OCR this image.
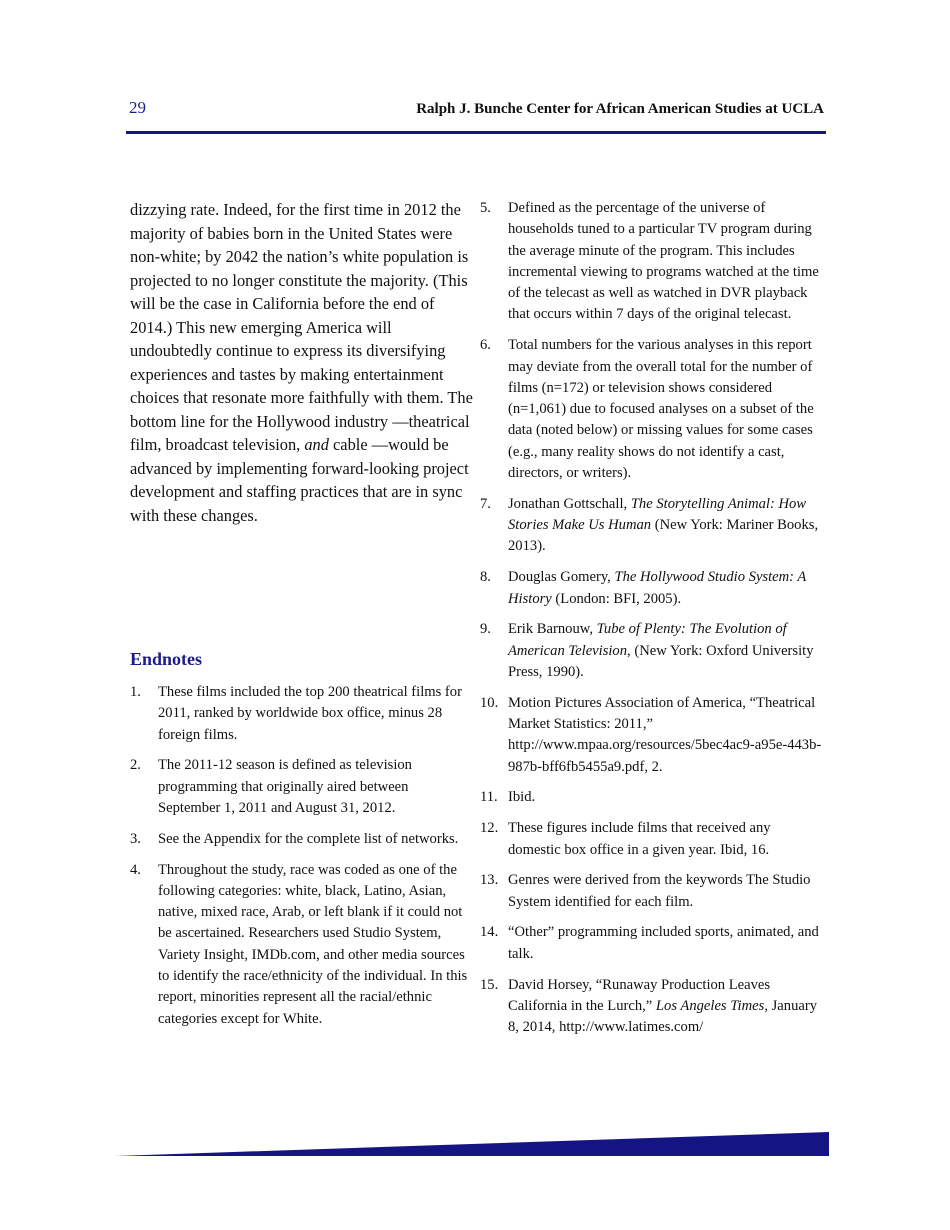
29	Ralph J. Bunche Center for African American Studies at UCLA

dizzying rate. Indeed, for the first time in 2012 the majority of babies born in the United States were non-white; by 2042 the nation’s white population is projected to no longer constitute the majority. (This will be the case in California before the end of 2014.) This new emerging America will undoubtedly continue to express its diversifying experiences and tastes by making entertainment choices that resonate more faithfully with them. The bottom line for the Hollywood industry —theatrical film, broadcast television, and cable —would be advanced by implementing forward-looking project development and staffing practices that are in sync with these changes.

Endnotes
1.	These films included the top 200 theatrical films for 2011, ranked by worldwide box office, minus 28 foreign films.
2.	The 2011-12 season is defined as television programming that originally aired between September 1, 2011 and August 31, 2012.
3.	See the Appendix for the complete list of networks.
4.	Throughout the study, race was coded as one of the following categories: white, black, Latino, Asian, native, mixed race, Arab, or left blank if it could not be ascertained. Researchers used Studio System, Variety Insight, IMDb.com, and other media sources to identify the race/ethnicity of the individual. In this report, minorities represent all the racial/ethnic categories except for White.
5.	Defined as the percentage of the universe of households tuned to a particular TV program during the average minute of the program. This includes incremental viewing to programs watched at the time of the telecast as well as watched in DVR playback that occurs within 7 days of the original telecast.
6.	Total numbers for the various analyses in this report may deviate from the overall total for the number of films (n=172) or television shows considered (n=1,061) due to focused analyses on a subset of the data (noted below) or missing values for some cases (e.g., many reality shows do not identify a cast, directors, or writers).
7.	Jonathan Gottschall, The Storytelling Animal: How Stories Make Us Human (New York: Mariner Books, 2013).
8.	Douglas Gomery, The Hollywood Studio System: A History (London: BFI, 2005).
9.	Erik Barnouw, Tube of Plenty: The Evolution of American Television, (New York: Oxford University Press, 1990).
10. Motion Pictures Association of America, “Theatrical Market Statistics: 2011,” http://www.mpaa.org/resources/5bec4ac9-a95e-443b-987b-bff6fb5455a9.pdf, 2.
11. Ibid.
12. These figures include films that received any domestic box office in a given year. Ibid, 16.
13. Genres were derived from the keywords The Studio System identified for each film.
14. “Other” programming included sports, animated, and talk.
15. David Horsey, “Runaway Production Leaves California in the Lurch,” Los Angeles Times, January 8, 2014, http://www.latimes.com/
